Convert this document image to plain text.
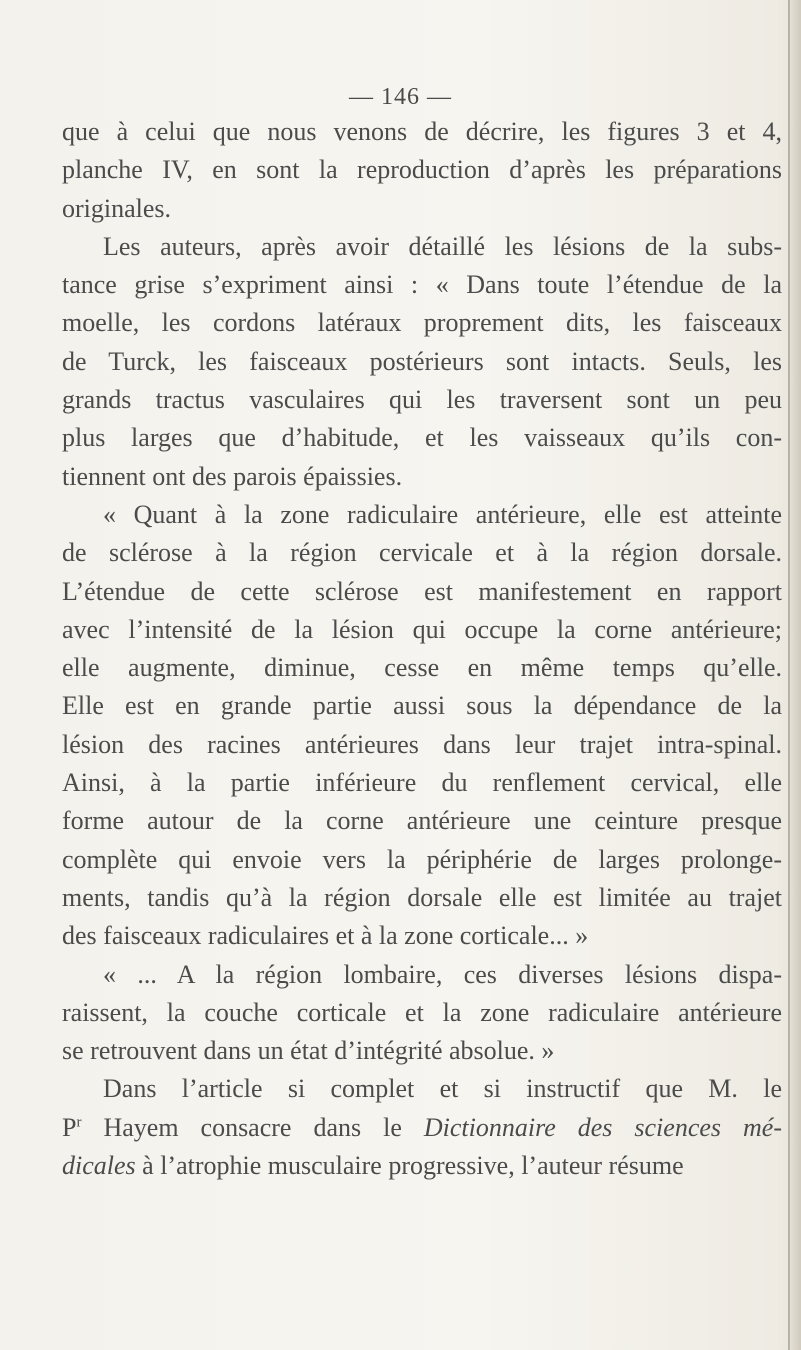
— 146 —
que à celui que nous venons de décrire, les figures 3 et 4,
planche IV, en sont la reproduction d’après les préparations
originales.
Les auteurs, après avoir détaillé les lésions de la subs-
tance grise s’expriment ainsi : « Dans toute l’étendue de la
moelle, les cordons latéraux proprement dits, les faisceaux
de Turck, les faisceaux postérieurs sont intacts. Seuls, les
grands tractus vasculaires qui les traversent sont un peu
plus larges que d’habitude, et les vaisseaux qu’ils con-
tiennent ont des parois épaissies.
« Quant à la zone radiculaire antérieure, elle est atteinte
de sclérose à la région cervicale et à la région dorsale.
L’étendue de cette sclérose est manifestement en rapport
avec l’intensité de la lésion qui occupe la corne antérieure;
elle augmente, diminue, cesse en même temps qu’elle.
Elle est en grande partie aussi sous la dépendance de la
lésion des racines antérieures dans leur trajet intra-spinal.
Ainsi, à la partie inférieure du renflement cervical, elle
forme autour de la corne antérieure une ceinture presque
complète qui envoie vers la périphérie de larges prolonge-
ments, tandis qu’à la région dorsale elle est limitée au trajet
des faisceaux radiculaires et à la zone corticale... »
« ... A la région lombaire, ces diverses lésions dispa-
raissent, la couche corticale et la zone radiculaire antérieure
se retrouvent dans un état d’intégrité absolue. »
Dans l’article si complet et si instructif que M. le
$P^r$ Hayem consacre dans le Dictionnaire des sciences mé-
dicales à l’atrophie musculaire progressive, l’auteur résume
